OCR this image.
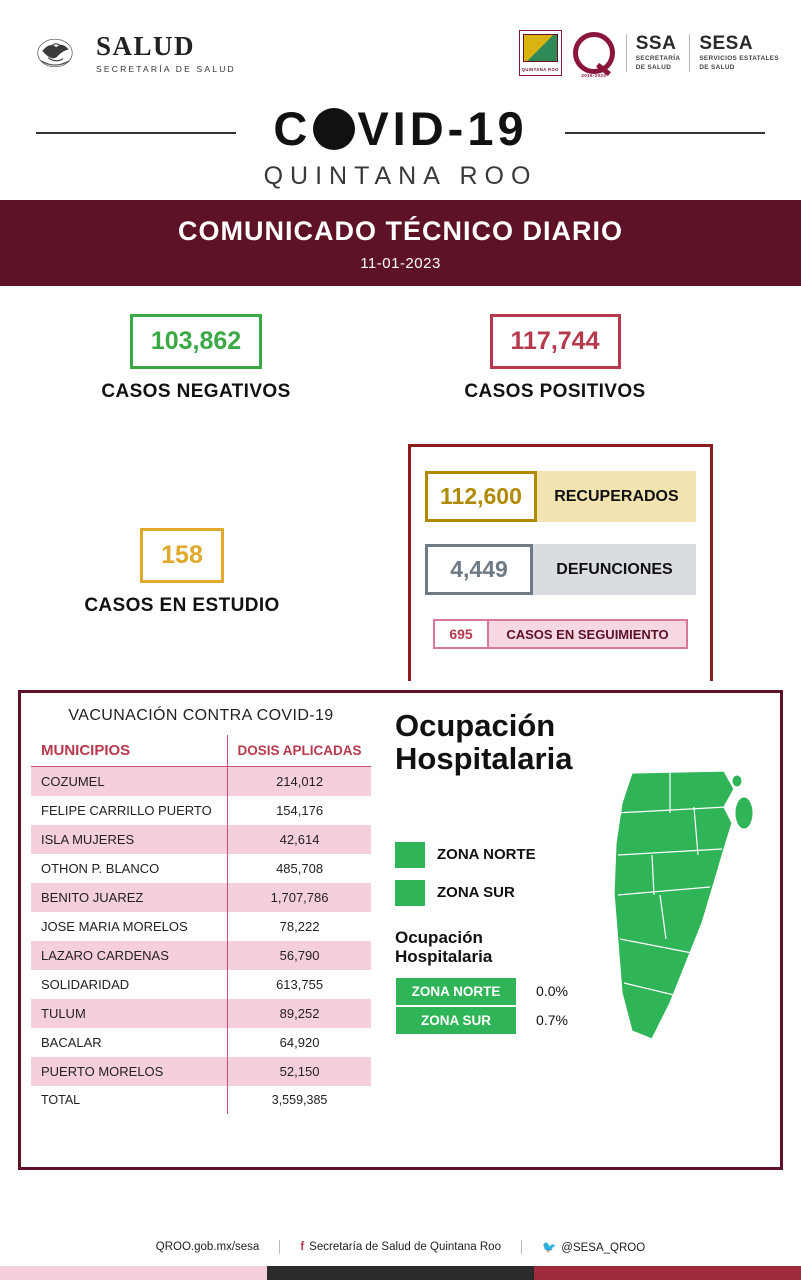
SALUD
SECRETARÍA DE SALUD	QUINTANA ROO
2016-2023
SSA
SECRETARÍA
DE SALUD
SESA
SERVICIOS ESTATALES
DE SALUD
C VID-19
QUINTANA ROO
COMUNICADO TÉCNICO DIARIO
11-01-2023
103,862
CASOS NEGATIVOS
117,744
CASOS POSITIVOS
158
CASOS EN ESTUDIO
112,600	RECUPERADOS
4,449	DEFUNCIONES
695	CASOS EN SEGUIMIENTO
VACUNACIÓN CONTRA COVID-19
MUNICIPIOS	DOSIS APLICADAS
COZUMEL	214,012
FELIPE CARRILLO PUERTO	154,176
ISLA MUJERES	42,614
OTHON P. BLANCO	485,708
BENITO JUAREZ	1,707,786
JOSE MARIA MORELOS	78,222
LAZARO CARDENAS	56,790
SOLIDARIDAD	613,755
TULUM	89,252
BACALAR	64,920
PUERTO MORELOS	52,150
TOTAL	3,559,385
Ocupación
Hospitalaria
ZONA NORTE
ZONA SUR
Ocupación
Hospitalaria
ZONA NORTE	0.0%
ZONA SUR	0.7%
QROO.gob.mx/sesa	f Secretaría de Salud de Quintana Roo	🐦 @SESA_QROO
